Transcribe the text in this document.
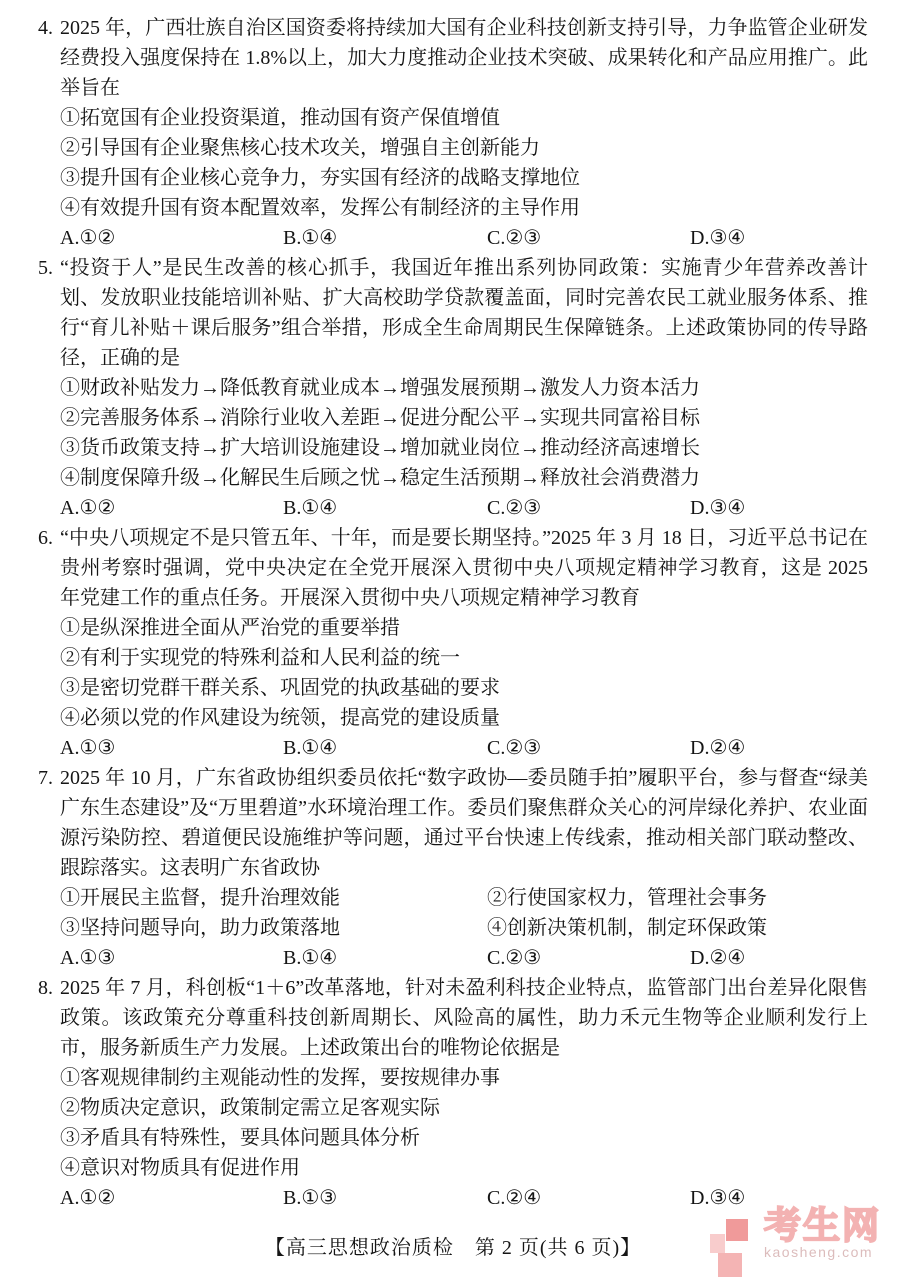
4. 2025 年，广西壮族自治区国资委将持续加大国有企业科技创新支持引导，力争监管企业研发经费投入强度保持在 1.8%以上，加大力度推动企业技术突破、成果转化和产品应用推广。此举旨在

①拓宽国有企业投资渠道，推动国有资产保值增值

②引导国有企业聚焦核心技术攻关，增强自主创新能力

③提升国有企业核心竞争力，夯实国有经济的战略支撑地位

④有效提升国有资本配置效率，发挥公有制经济的主导作用

A.①②	B.①④	C.②③	D.③④

5. “投资于人”是民生改善的核心抓手，我国近年推出系列协同政策：实施青少年营养改善计划、发放职业技能培训补贴、扩大高校助学贷款覆盖面，同时完善农民工就业服务体系、推行“育儿补贴＋课后服务”组合举措，形成全生命周期民生保障链条。上述政策协同的传导路径，正确的是

①财政补贴发力→降低教育就业成本→增强发展预期→激发人力资本活力

②完善服务体系→消除行业收入差距→促进分配公平→实现共同富裕目标

③货币政策支持→扩大培训设施建设→增加就业岗位→推动经济高速增长

④制度保障升级→化解民生后顾之忧→稳定生活预期→释放社会消费潜力

A.①②	B.①④	C.②③	D.③④

6. “中央八项规定不是只管五年、十年，而是要长期坚持。”2025 年 3 月 18 日，习近平总书记在贵州考察时强调，党中央决定在全党开展深入贯彻中央八项规定精神学习教育，这是 2025 年党建工作的重点任务。开展深入贯彻中央八项规定精神学习教育

①是纵深推进全面从严治党的重要举措

②有利于实现党的特殊利益和人民利益的统一

③是密切党群干群关系、巩固党的执政基础的要求

④必须以党的作风建设为统领，提高党的建设质量

A.①③	B.①④	C.②③	D.②④

7. 2025 年 10 月，广东省政协组织委员依托“数字政协—委员随手拍”履职平台，参与督查“绿美广东生态建设”及“万里碧道”水环境治理工作。委员们聚焦群众关心的河岸绿化养护、农业面源污染防控、碧道便民设施维护等问题，通过平台快速上传线索，推动相关部门联动整改、跟踪落实。这表明广东省政协

①开展民主监督，提升治理效能	②行使国家权力，管理社会事务

③坚持问题导向，助力政策落地	④创新决策机制，制定环保政策

A.①③	B.①④	C.②③	D.②④

8. 2025 年 7 月，科创板“1＋6”改革落地，针对未盈利科技企业特点，监管部门出台差异化限售政策。该政策充分尊重科技创新周期长、风险高的属性，助力禾元生物等企业顺利发行上市，服务新质生产力发展。上述政策出台的唯物论依据是

①客观规律制约主观能动性的发挥，要按规律办事

②物质决定意识，政策制定需立足客观实际

③矛盾具有特殊性，要具体问题具体分析

④意识对物质具有促进作用

A.①②	B.①③	C.②④	D.③④
【高三思想政治质检　第 2 页(共 6 页)】
考生网
kaosheng.com
